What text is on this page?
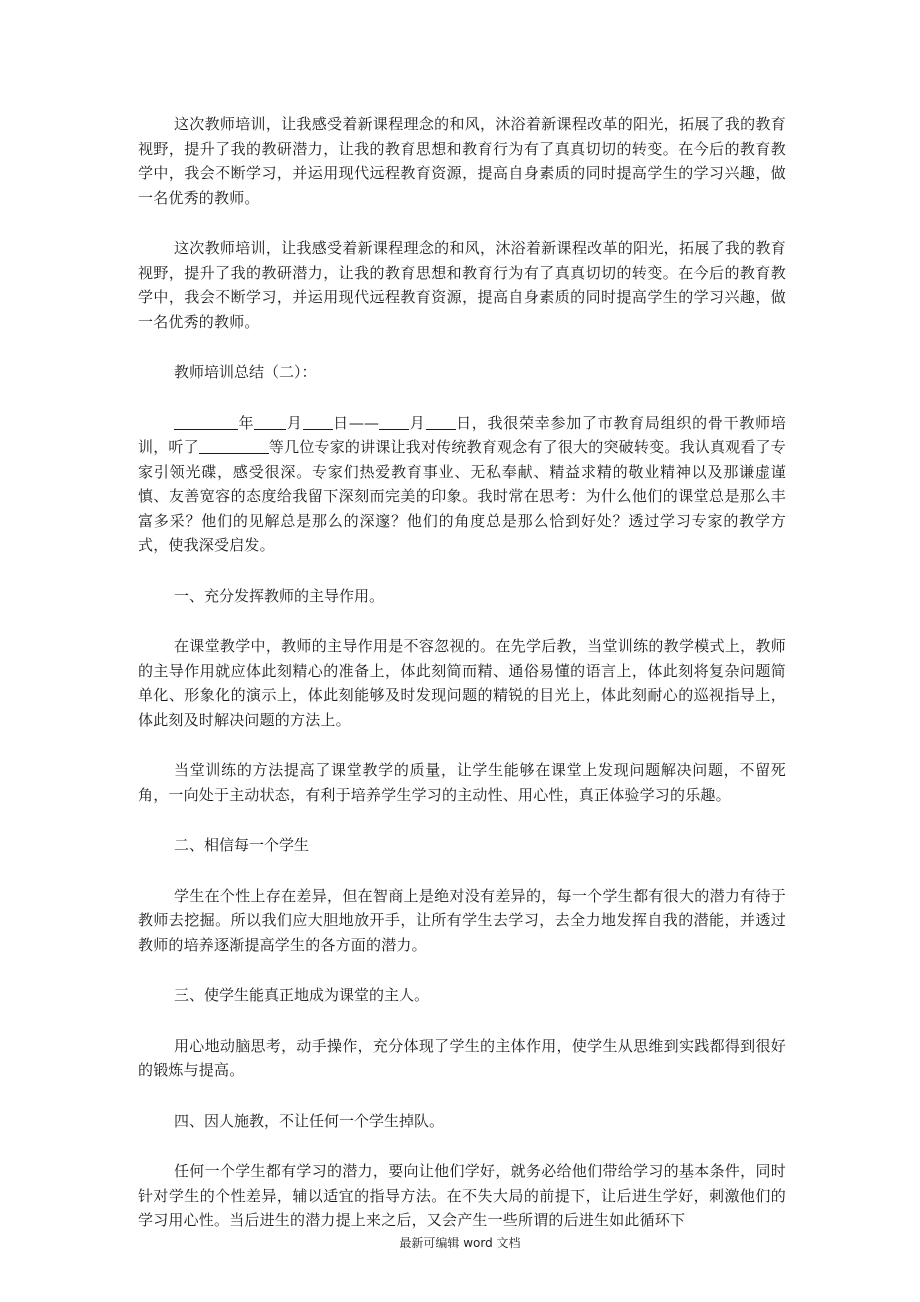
这次教师培训，让我感受着新课程理念的和风，沐浴着新课程改革的阳光，拓展了我的教育视野，提升了我的教研潜力，让我的教育思想和教育行为有了真真切切的转变。在今后的教育教学中，我会不断学习，并运用现代远程教育资源，提高自身素质的同时提高学生的学习兴趣，做一名优秀的教师。

这次教师培训，让我感受着新课程理念的和风，沐浴着新课程改革的阳光，拓展了我的教育视野，提升了我的教研潜力，让我的教育思想和教育行为有了真真切切的转变。在今后的教育教学中，我会不断学习，并运用现代远程教育资源，提高自身素质的同时提高学生的学习兴趣，做一名优秀的教师。

教师培训总结（二）：

年 月 日—— 月 日，我很荣幸参加了市教育局组织的骨干教师培训，听了	等几位专家的讲课让我对传统教育观念有了很大的突破转变。我认真观看了专家引领光碟，感受很深。专家们热爱教育事业、无私奉献、精益求精的敬业精神以及那谦虚谨慎、友善宽容的态度给我留下深刻而完美的印象。我时常在思考：为什么他们的课堂总是那么丰富多采？他们的见解总是那么的深邃？他们的角度总是那么恰到好处？透过学习专家的教学方式，使我深受启发。

一、充分发挥教师的主导作用。

在课堂教学中，教师的主导作用是不容忽视的。在先学后教，当堂训练的教学模式上，教师的主导作用就应体此刻精心的准备上，体此刻简而精、通俗易懂的语言上，体此刻将复杂问题简单化、形象化的演示上，体此刻能够及时发现问题的精锐的目光上，体此刻耐心的巡视指导上，体此刻及时解决问题的方法上。

当堂训练的方法提高了课堂教学的质量，让学生能够在课堂上发现问题解决问题，不留死角，一向处于主动状态，有利于培养学生学习的主动性、用心性，真正体验学习的乐趣。

二、相信每一个学生

学生在个性上存在差异，但在智商上是绝对没有差异的，每一个学生都有很大的潜力有待于教师去挖掘。所以我们应大胆地放开手，让所有学生去学习，去全力地发挥自我的潜能，并透过教师的培养逐渐提高学生的各方面的潜力。

三、使学生能真正地成为课堂的主人。

用心地动脑思考，动手操作，充分体现了学生的主体作用，使学生从思维到实践都得到很好的锻炼与提高。

四、因人施教，不让任何一个学生掉队。

任何一个学生都有学习的潜力，要向让他们学好，就务必给他们带给学习的基本条件，同时针对学生的个性差异，辅以适宜的指导方法。在不失大局的前提下，让后进生学好，刺激他们的学习用心性。当后进生的潜力提上来之后，又会产生一些所谓的后进生如此循环下

最新可编辑 word 文档
